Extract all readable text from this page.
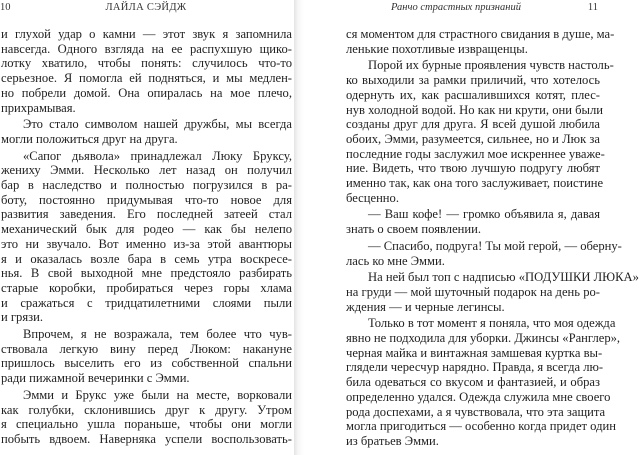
10	ЛАЙЛА СЭЙДЖ
и глухой удар о камни — этот звук я запомнила
навсегда. Одного взгляда на ее распухшую щико-
лотку хватило, чтобы понять: случилось что-то
серьезное. Я помогла ей подняться, и мы медлен-
но побрели домой. Она опиралась на мое плечо,
прихрамывая.
Это стало символом нашей дружбы, мы всегда
могли положиться друг на друга.
«Сапог дьявола» принадлежал Люку Бруксу,
жениху Эмми. Несколько лет назад он получил
бар в наследство и полностью погрузился в ра-
боту, постоянно придумывая что-то новое для
развития заведения. Его последней затеей стал
механический бык для родео — как бы нелепо
это ни звучало. Вот именно из-за этой авантюры
я и оказалась возле бара в семь утра воскресе-
нья. В свой выходной мне предстояло разбирать
старые коробки, пробираться через горы хлама
и сражаться с тридцатилетними слоями пыли
и грязи.
Впрочем, я не возражала, тем более что чув-
ствовала легкую вину перед Люком: накануне
пришлось выселить его из собственной спальни
ради пижамной вечеринки с Эмми.
Эмми и Брукс уже были на месте, ворковали
как голубки, склонившись друг к другу. Утром
я специально ушла пораньше, чтобы они могли
побыть вдвоем. Наверняка успели воспользовать-
Ранчо страстных признаний	11
ся моментом для страстного свидания в душе, ма-
ленькие похотливые извращенцы.
Порой их бурные проявления чувств настоль-
ко выходили за рамки приличий, что хотелось
одернуть их, как расшалившихся котят, плес-
нув холодной водой. Но как ни крути, они были
созданы друг для друга. Я всей душой любила
обоих, Эмми, разумеется, сильнее, но и Люк за
последние годы заслужил мое искреннее уваже-
ние. Видеть, что твою лучшую подругу любят
именно так, как она того заслуживает, поистине
бесценно.
— Ваш кофе! — громко объявила я, давая
знать о своем появлении.
— Спасибо, подруга! Ты мой герой, — оберну-
лась ко мне Эмми.
На ней был топ с надписью «ПОДУШКИ ЛЮКА»
на груди — мой шуточный подарок на день ро-
ждения — и черные легинсы.
Только в тот момент я поняла, что моя одежда
явно не подходила для уборки. Джинсы «Ранглер»,
черная майка и винтажная замшевая куртка вы-
глядели чересчур нарядно. Правда, я всегда лю-
била одеваться со вкусом и фантазией, и образ
определенно удался. Одежда служила мне своего
рода доспехами, а я чувствовала, что эта защита
могла пригодиться — особенно когда придет один
из братьев Эмми.
